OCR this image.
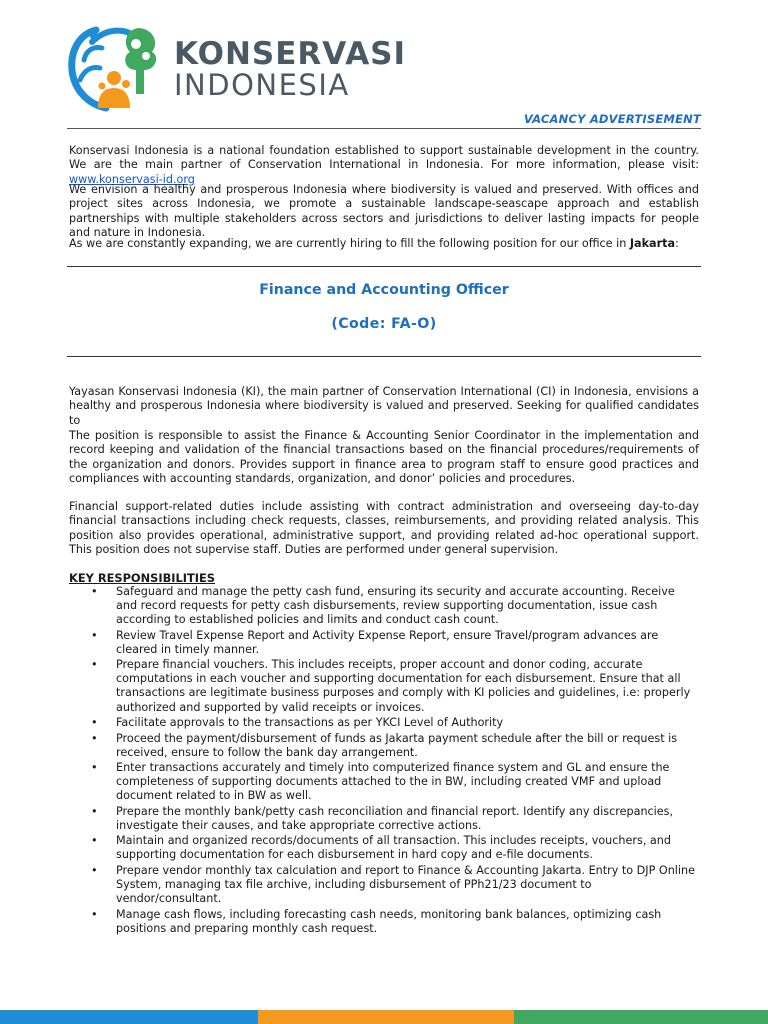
KONSERVASI
INDONESIA
VACANCY ADVERTISEMENT
Konservasi Indonesia is a national foundation established to support sustainable development in the country. We are the main partner of Conservation International in Indonesia. For more information, please visit: www.konservasi-id.org
We envision a healthy and prosperous Indonesia where biodiversity is valued and preserved. With offices and project sites across Indonesia, we promote a sustainable landscape-seascape approach and establish partnerships with multiple stakeholders across sectors and jurisdictions to deliver lasting impacts for people and nature in Indonesia.
As we are constantly expanding, we are currently hiring to fill the following position for our office in Jakarta:
Finance and Accounting Officer
(Code: FA-O)
Yayasan Konservasi Indonesia (KI), the main partner of Conservation International (CI) in Indonesia, envisions a healthy and prosperous Indonesia where biodiversity is valued and preserved. Seeking for qualified candidates to
The position is responsible to assist the Finance & Accounting Senior Coordinator in the implementation and record keeping and validation of the financial transactions based on the financial procedures/requirements of the organization and donors. Provides support in finance area to program staff to ensure good practices and compliances with accounting standards, organization, and donor’ policies and procedures.
Financial support-related duties include assisting with contract administration and overseeing day-to-day financial transactions including check requests, classes, reimbursements, and providing related analysis. This position also provides operational, administrative support, and providing related ad-hoc operational support. This position does not supervise staff. Duties are performed under general supervision.
KEY RESPONSIBILITIES
• Safeguard and manage the petty cash fund, ensuring its security and accurate accounting. Receive and record requests for petty cash disbursements, review supporting documentation, issue cash according to established policies and limits and conduct cash count.
• Review Travel Expense Report and Activity Expense Report, ensure Travel/program advances are cleared in timely manner.
• Prepare financial vouchers. This includes receipts, proper account and donor coding, accurate computations in each voucher and supporting documentation for each disbursement. Ensure that all transactions are legitimate business purposes and comply with KI policies and guidelines, i.e: properly authorized and supported by valid receipts or invoices.
• Facilitate approvals to the transactions as per YKCI Level of Authority
• Proceed the payment/disbursement of funds as Jakarta payment schedule after the bill or request is received, ensure to follow the bank day arrangement.
• Enter transactions accurately and timely into computerized finance system and GL and ensure the completeness of supporting documents attached to the in BW, including created VMF and upload document related to in BW as well.
• Prepare the monthly bank/petty cash reconciliation and financial report. Identify any discrepancies, investigate their causes, and take appropriate corrective actions.
• Maintain and organized records/documents of all transaction. This includes receipts, vouchers, and supporting documentation for each disbursement in hard copy and e-file documents.
• Prepare vendor monthly tax calculation and report to Finance & Accounting Jakarta. Entry to DJP Online System, managing tax file archive, including disbursement of PPh21/23 document to vendor/consultant.
• Manage cash flows, including forecasting cash needs, monitoring bank balances, optimizing cash positions and preparing monthly cash request.
